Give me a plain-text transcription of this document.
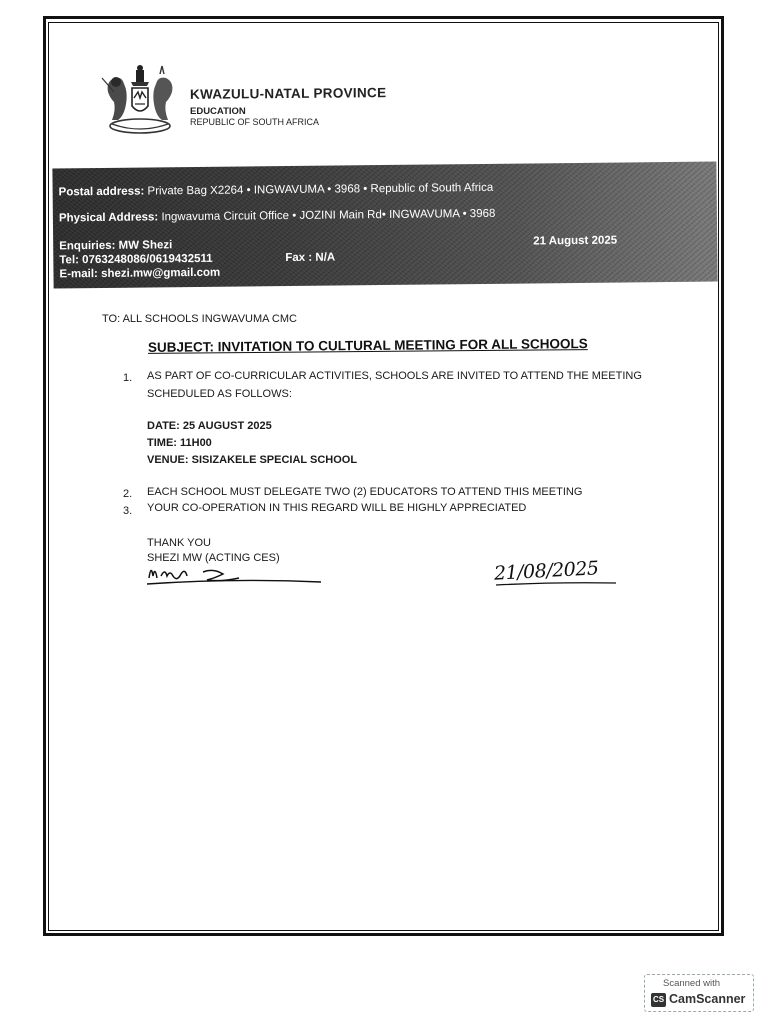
KWAZULU-NATAL PROVINCE
EDUCATION
REPUBLIC OF SOUTH AFRICA
Postal address: Private Bag X2264 • INGWAVUMA • 3968 • Republic of South Africa
Physical Address: Ingwavuma Circuit Office • JOZINI Main Rd• INGWAVUMA • 3968
Enquiries: MW Shezi
Tel: 0763248086/0619432511	Fax : N/A
E-mail: shezi.mw@gmail.com
21 August 2025
TO: ALL SCHOOLS INGWAVUMA CMC
SUBJECT: INVITATION TO CULTURAL MEETING FOR ALL SCHOOLS
1. AS PART OF CO-CURRICULAR ACTIVITIES, SCHOOLS ARE INVITED TO ATTEND THE MEETING
SCHEDULED AS FOLLOWS:
DATE: 25 AUGUST 2025
TIME: 11H00
VENUE: SISIZAKELE SPECIAL SCHOOL
2. EACH SCHOOL MUST DELEGATE TWO (2) EDUCATORS TO ATTEND THIS MEETING
3. YOUR CO-OPERATION IN THIS REGARD WILL BE HIGHLY APPRECIATED
THANK YOU
SHEZI MW (ACTING CES)	21/08/2025
Scanned with
CS CamScanner
